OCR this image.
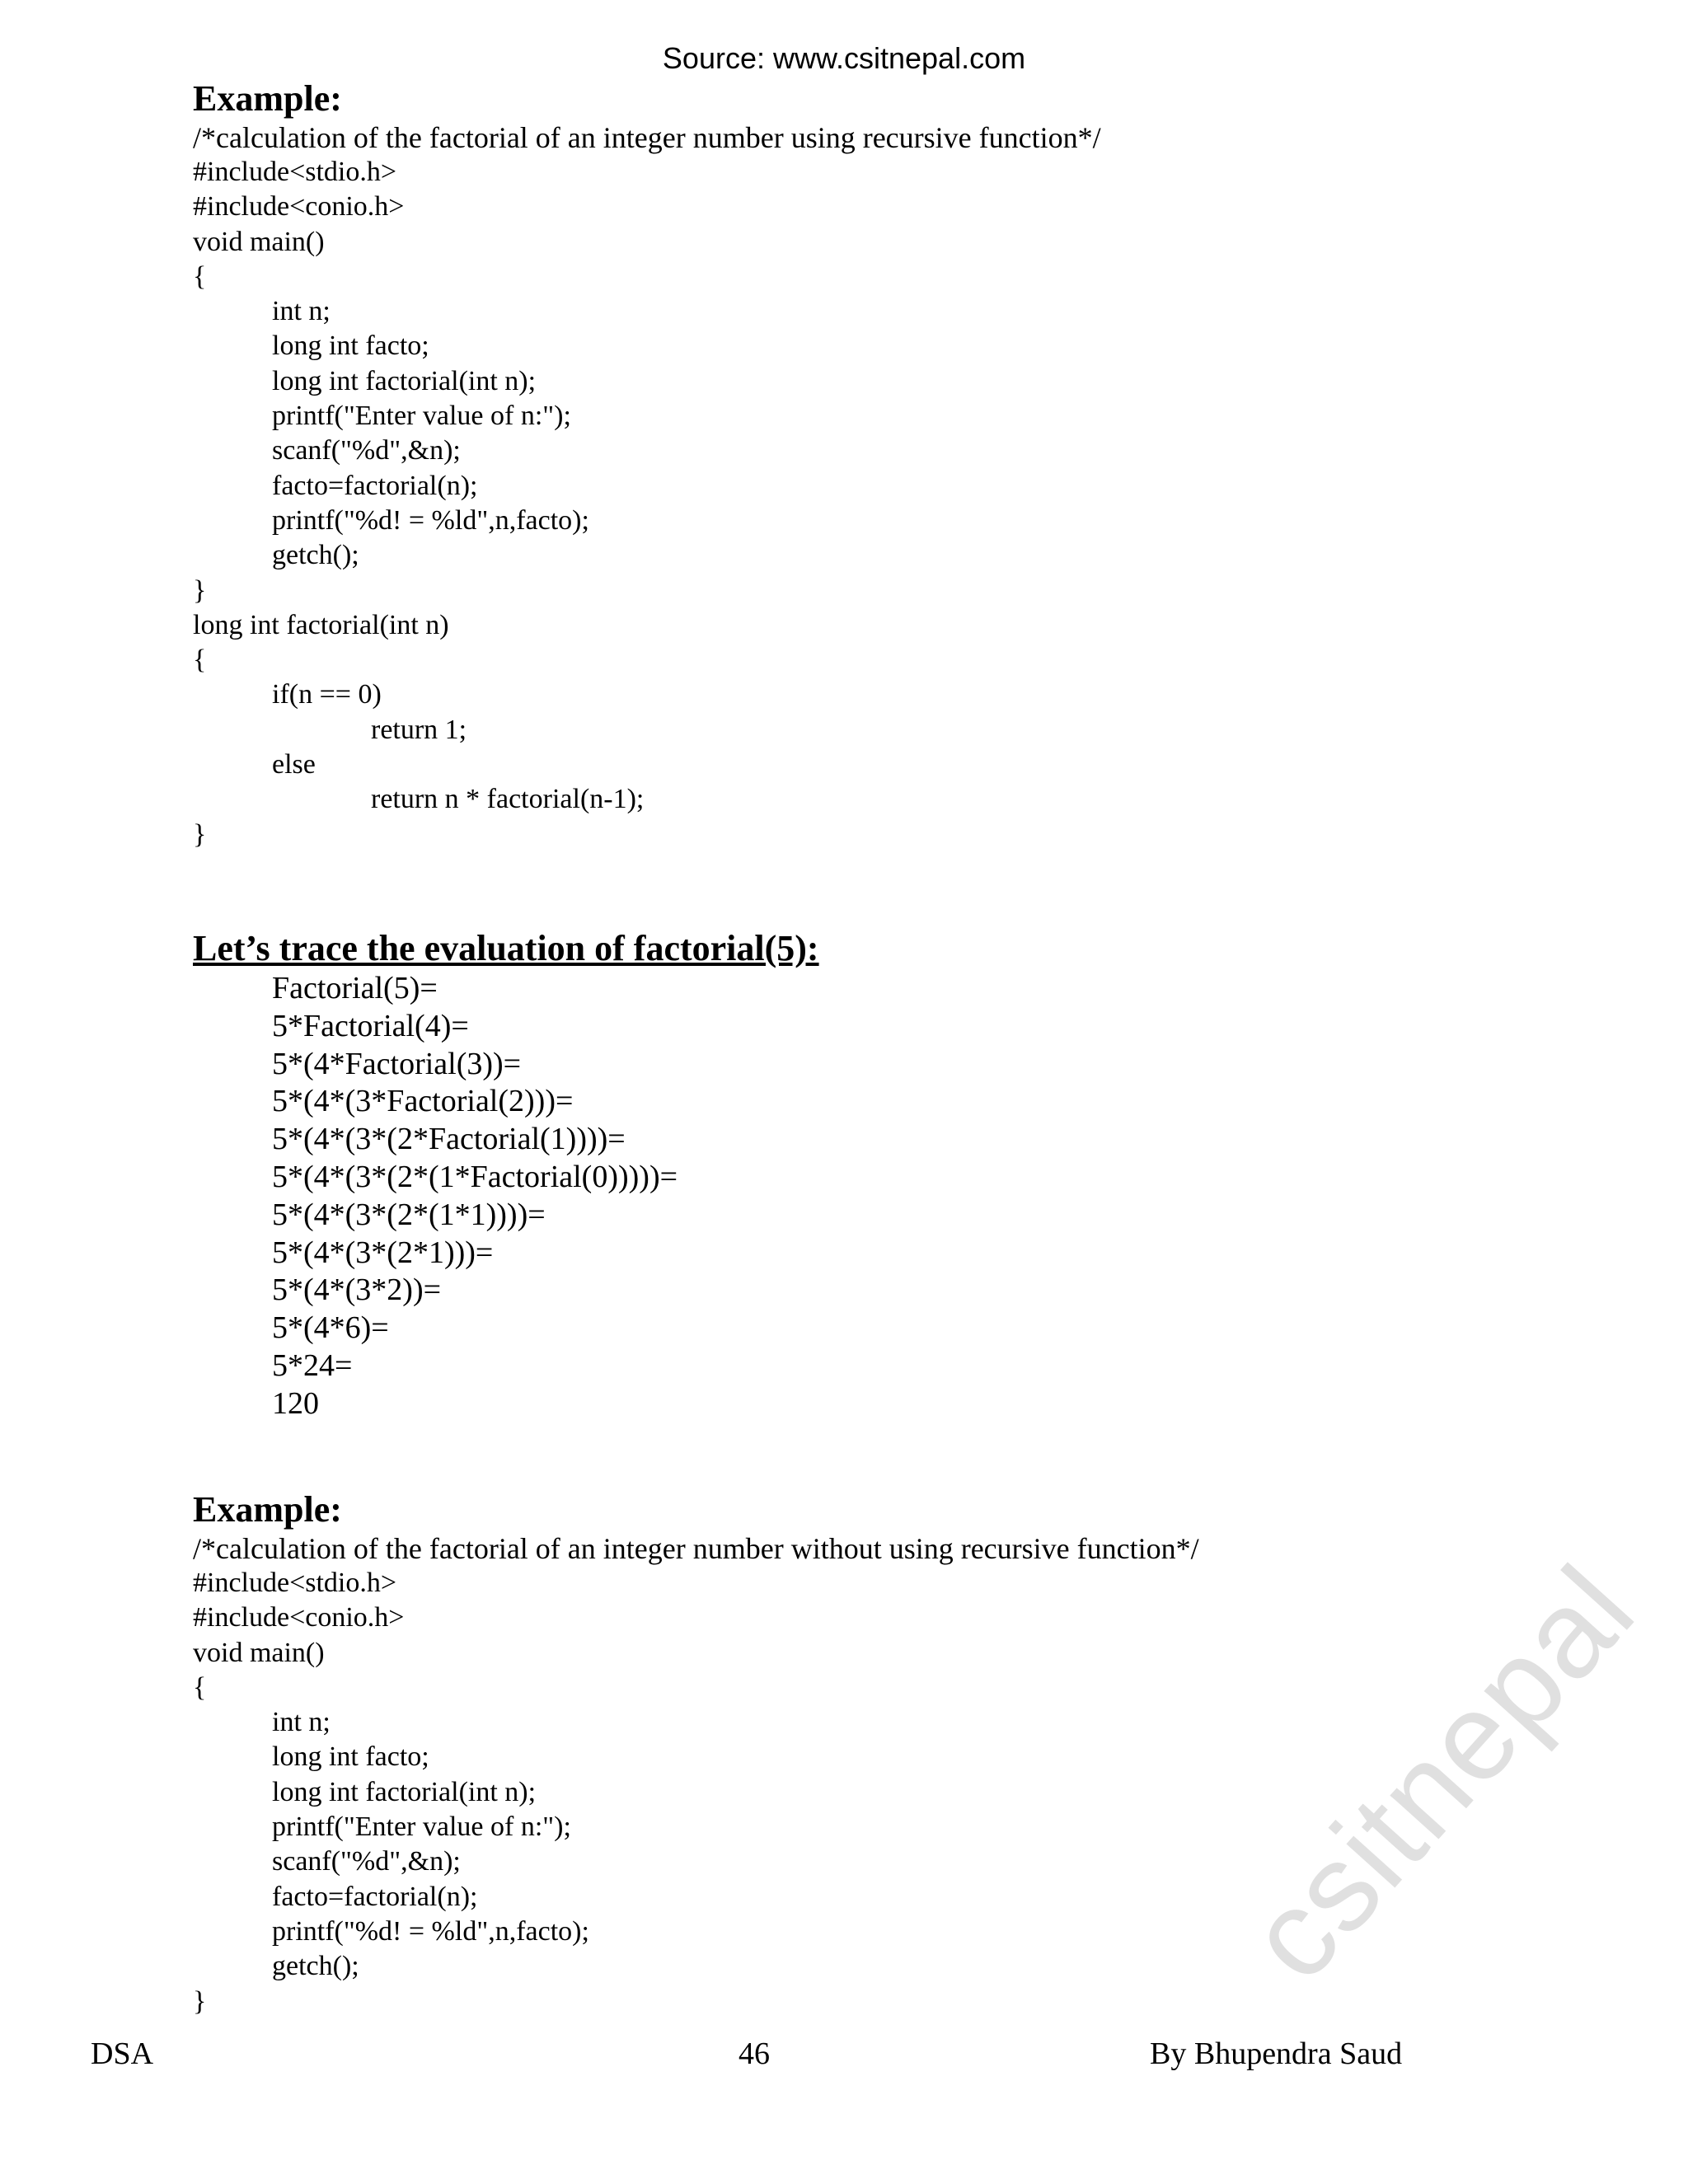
Source: www.csitnepal.com
Example:
/*calculation of the factorial of an integer number using recursive function*/
#include<stdio.h>
#include<conio.h>
void main()
{
int n;
long int facto;
long int factorial(int n);
printf("Enter value of n:");
scanf("%d",&n);
facto=factorial(n);
printf("%d! = %ld",n,facto);
getch();
}
long int factorial(int n)
{
if(n == 0)
return 1;
else
return n * factorial(n-1);
}
Let’s trace the evaluation of factorial(5):
Factorial(5)=
5*Factorial(4)=
5*(4*Factorial(3))=
5*(4*(3*Factorial(2)))=
5*(4*(3*(2*Factorial(1))))=
5*(4*(3*(2*(1*Factorial(0)))))=
5*(4*(3*(2*(1*1))))=
5*(4*(3*(2*1)))=
5*(4*(3*2))=
5*(4*6)=
5*24=
120
Example:
/*calculation of the factorial of an integer number without using recursive function*/
#include<stdio.h>
#include<conio.h>
void main()
{
int n;
long int facto;
long int factorial(int n);
printf("Enter value of n:");
scanf("%d",&n);
facto=factorial(n);
printf("%d! = %ld",n,facto);
getch();
}
DSA	46	By Bhupendra Saud
csitnepal
